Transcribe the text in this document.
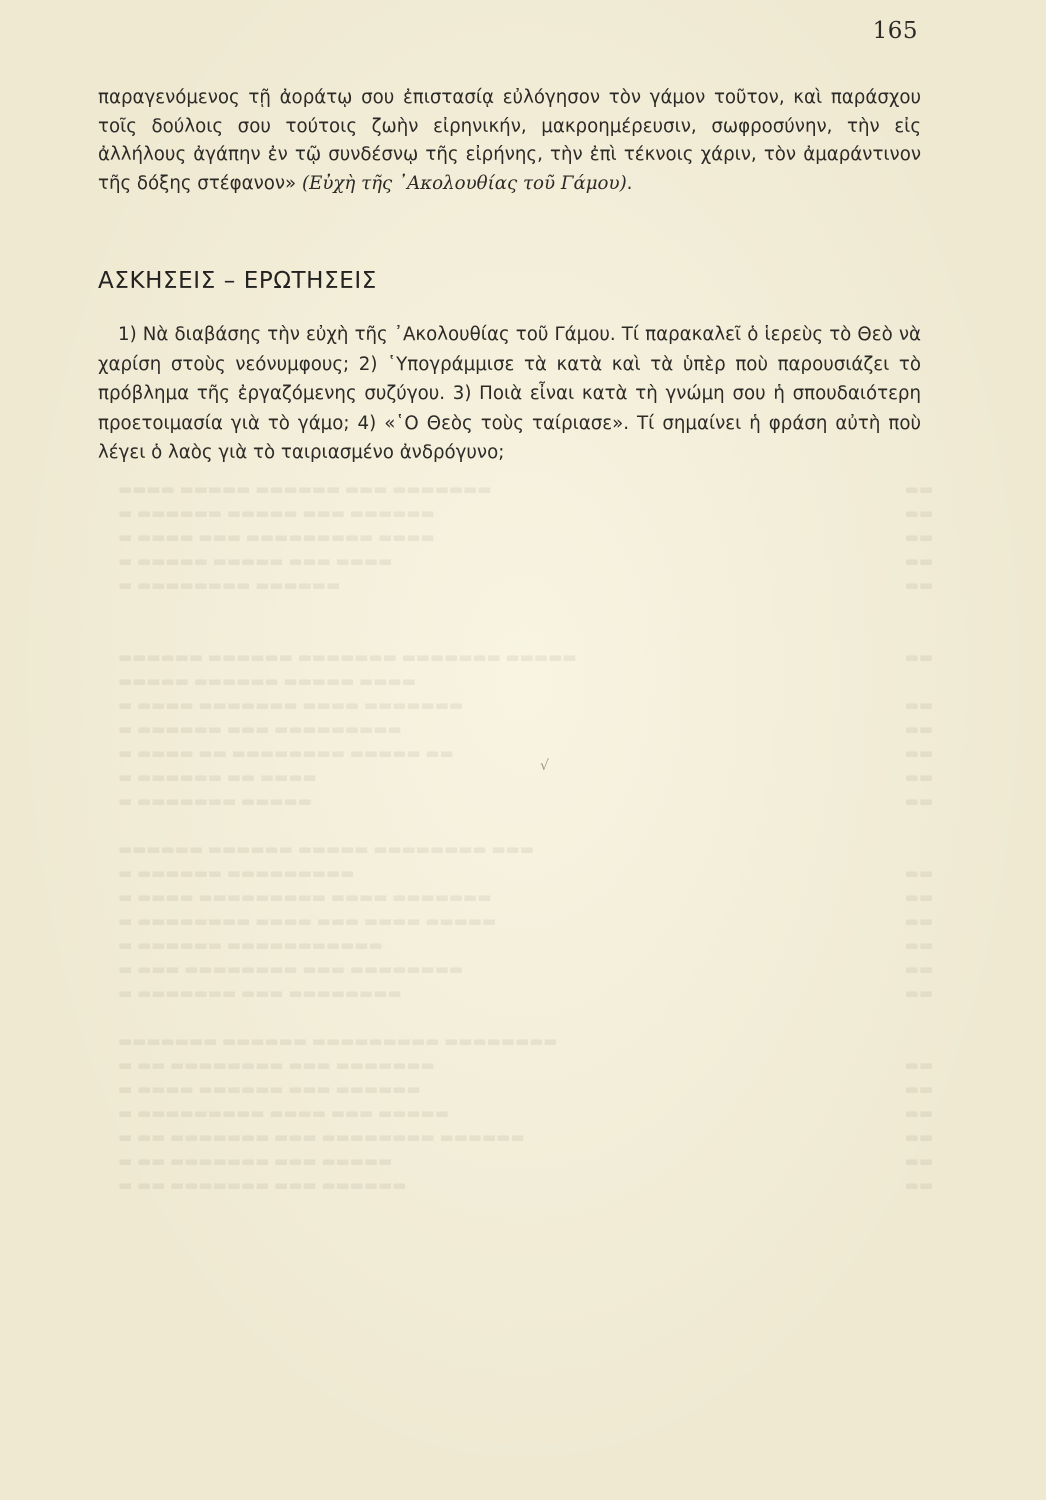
165
▬▬▬▬ ▬▬▬▬▬ ▬▬▬▬▬▬ ▬▬▬ ▬▬▬▬▬▬▬	▬▬
▬ ▬▬▬▬▬▬ ▬▬▬▬▬ ▬▬▬ ▬▬▬▬▬▬	▬▬
▬ ▬▬▬▬ ▬▬▬ ▬▬▬▬▬▬▬▬▬ ▬▬▬▬	▬▬
▬ ▬▬▬▬▬ ▬▬▬▬▬ ▬▬▬ ▬▬▬▬	▬▬
▬ ▬▬▬▬▬▬▬▬ ▬▬▬▬▬▬	▬▬
▬▬▬▬▬▬ ▬▬▬▬▬▬ ▬▬▬▬▬▬▬ ▬▬▬▬▬▬▬ ▬▬▬▬▬	▬▬
▬▬▬▬▬ ▬▬▬▬▬▬ ▬▬▬▬▬ ▬▬▬▬
▬ ▬▬▬▬ ▬▬▬▬▬▬▬ ▬▬▬▬ ▬▬▬▬▬▬▬	▬▬
▬ ▬▬▬▬▬▬ ▬▬▬ ▬▬▬▬▬▬▬▬▬	▬▬
▬ ▬▬▬▬ ▬▬ ▬▬▬▬▬▬▬▬ ▬▬▬▬▬ ▬▬	▬▬
▬ ▬▬▬▬▬▬ ▬▬ ▬▬▬▬	▬▬
▬ ▬▬▬▬▬▬▬ ▬▬▬▬▬	▬▬
▬▬▬▬▬▬ ▬▬▬▬▬▬ ▬▬▬▬▬ ▬▬▬▬▬▬▬▬ ▬▬▬
▬ ▬▬▬▬▬▬ ▬▬▬▬▬▬▬▬▬	▬▬
▬ ▬▬▬▬ ▬▬▬▬▬▬▬▬▬ ▬▬▬▬ ▬▬▬▬▬▬▬	▬▬
▬ ▬▬▬▬▬▬▬▬ ▬▬▬▬ ▬▬▬ ▬▬▬▬ ▬▬▬▬▬	▬▬
▬ ▬▬▬▬▬▬ ▬▬▬▬▬▬▬▬▬▬▬	▬▬
▬ ▬▬▬ ▬▬▬▬▬▬▬▬ ▬▬▬ ▬▬▬▬▬▬▬▬	▬▬
▬ ▬▬▬▬▬▬▬ ▬▬▬ ▬▬▬▬▬▬▬▬	▬▬
▬▬▬▬▬▬▬ ▬▬▬▬▬▬ ▬▬▬▬▬▬▬▬▬ ▬▬▬▬▬▬▬▬
▬ ▬▬ ▬▬▬▬▬▬▬▬ ▬▬▬ ▬▬▬▬▬▬▬	▬▬
▬ ▬▬▬▬ ▬▬▬▬▬▬ ▬▬▬ ▬▬▬▬▬▬	▬▬
▬ ▬▬▬▬▬▬▬▬▬ ▬▬▬▬ ▬▬▬ ▬▬▬▬▬	▬▬
▬ ▬▬ ▬▬▬▬▬▬▬ ▬▬▬ ▬▬▬▬▬▬▬▬ ▬▬▬▬▬▬	▬▬
▬ ▬▬ ▬▬▬▬▬▬▬ ▬▬▬ ▬▬▬▬▬	▬▬
▬ ▬▬ ▬▬▬▬▬▬▬ ▬▬▬ ▬▬▬▬▬▬	▬▬

παραγενόμενος τῇ ἀοράτῳ σου ἐπιστασίᾳ εὐλόγησον τὸν γάμον τοῦτον, καὶ παράσχου τοῖς δούλοις σου τούτοις ζωὴν εἰρηνικήν, μακροημέρευσιν, σωφροσύνην, τὴν εἰς ἀλλήλους ἀγάπην ἐν τῷ συνδέσνῳ τῆς εἰρήνης, τὴν ἐπὶ τέκνοις χάριν, τὸν ἀμαράντινον τῆς δόξης στέφανον» (Εὐχὴ τῆς ᾿Ακολουθίας τοῦ Γάμου).

ΑΣΚΗΣΕΙΣ – ΕΡΩΤΗΣΕΙΣ

1) Νὰ διαβάσης τὴν εὐχὴ τῆς ᾿Ακολουθίας τοῦ Γάμου. Τί παρακαλεῖ ὁ ἱερεὺς τὸ Θεὸ νὰ χαρίση στοὺς νεόνυμφους; 2) ῾Υπογράμμισε τὰ κατὰ καὶ τὰ ὑπὲρ ποὺ παρουσιάζει τὸ πρόβλημα τῆς ἐργαζόμενης συζύγου. 3) Ποιὰ εἶναι κατὰ τὴ γνώμη σου ἡ σπουδαιότερη προετοιμασία γιὰ τὸ γάμο; 4) «῾Ο Θεὸς τοὺς ταίριασε». Τί σημαίνει ἡ φράση αὐτὴ ποὺ λέγει ὁ λαὸς γιὰ τὸ ταιριασμένο ἀνδρόγυνο;

√
